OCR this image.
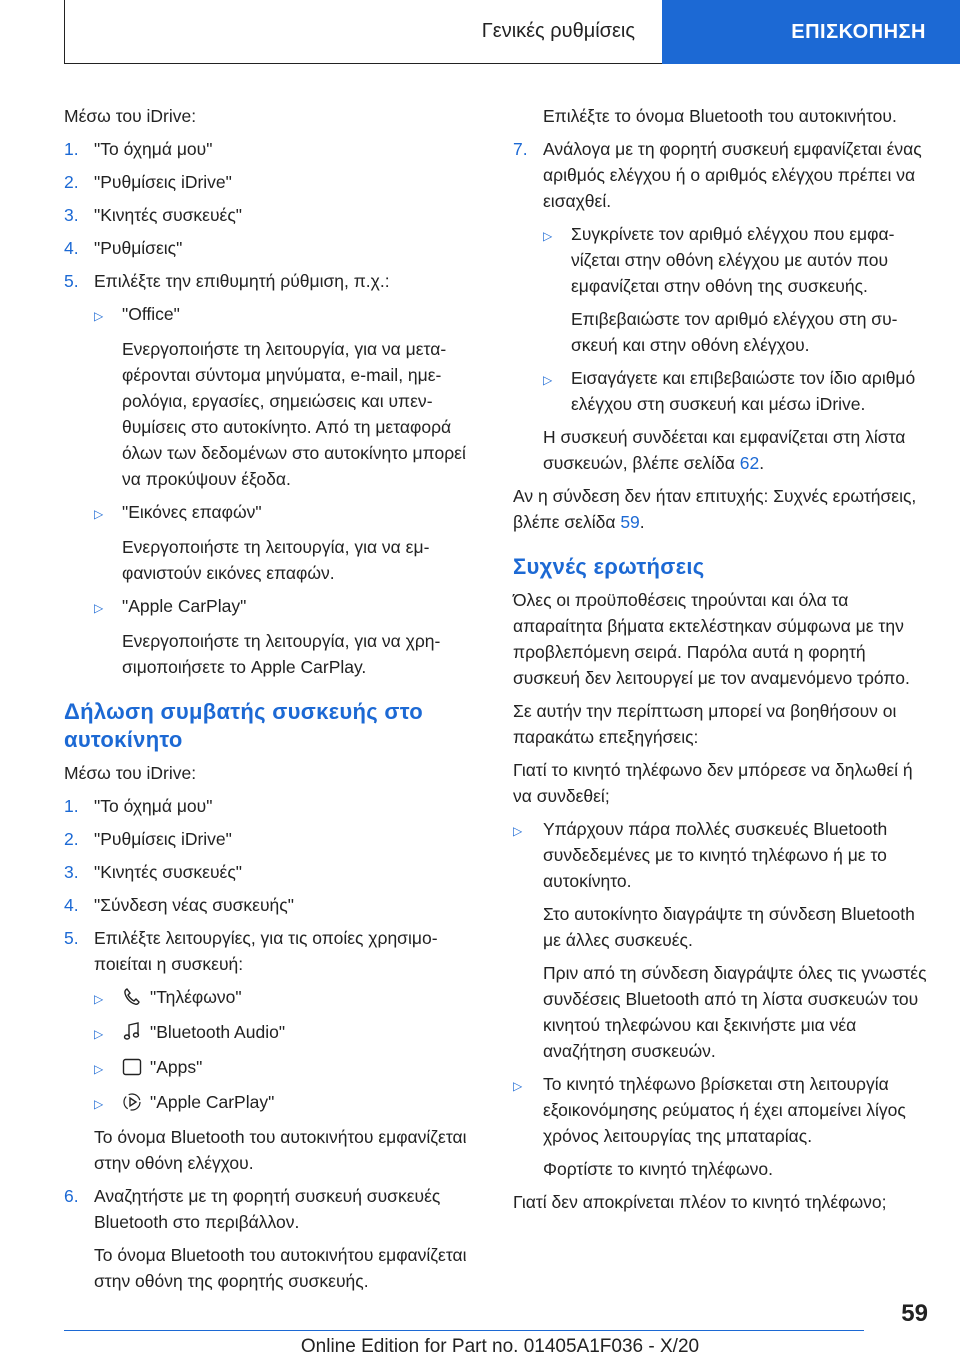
Γενικές ρυθμίσεις	ΕΠΙΣΚΟΠΗΣΗ

Μέσω του iDrive:

1. "Το όχημά μου"
2. "Ρυθμίσεις iDrive"
3. "Κινητές συσκευές"
4. "Ρυθμίσεις"
5. Επιλέξτε την επιθυμητή ρύθμιση, π.χ.:
▷	"Office"

Ενεργοποιήστε τη λειτουργία, για να μεταφέρονται σύντομα μηνύματα, e-mail, ημερολόγια, εργασίες, σημειώσεις και υπενθυμίσεις στο αυτοκίνητο. Από τη μεταφορά όλων των δεδομένων στο αυτοκίνητο μπορεί να προκύψουν έξοδα.

▷	"Εικόνες επαφών"

Ενεργοποιήστε τη λειτουργία, για να εμφανιστούν εικόνες επαφών.

▷	"Apple CarPlay"

Ενεργοποιήστε τη λειτουργία, για να χρησιμοποιήσετε το Apple CarPlay.

Δήλωση συμβατής συσκευής στο αυτοκίνητο

Μέσω του iDrive:

1. "Το όχημά μου"
2. "Ρυθμίσεις iDrive"
3. "Κινητές συσκευές"
4. "Σύνδεση νέας συσκευής"
5. Επιλέξτε λειτουργίες, για τις οποίες χρησιμοποιείται η συσκευή:
▷	"Τηλέφωνο"
▷	"Bluetooth Audio"
▷	"Apps"
▷	"Apple CarPlay"

Το όνομα Bluetooth του αυτοκινήτου εμφανίζεται στην οθόνη ελέγχου.

6. Αναζητήστε με τη φορητή συσκευή συσκευές Bluetooth στο περιβάλλον.

Το όνομα Bluetooth του αυτοκινήτου εμφανίζεται στην οθόνη της φορητής συσκευής.

Επιλέξτε το όνομα Bluetooth του αυτοκινήτου.

7. Ανάλογα με τη φορητή συσκευή εμφανίζεται ένας αριθμός ελέγχου ή ο αριθμός ελέγχου πρέπει να εισαχθεί.
▷	Συγκρίνετε τον αριθμό ελέγχου που εμφανίζεται στην οθόνη ελέγχου με αυτόν που εμφανίζεται στην οθόνη της συσκευής.

Επιβεβαιώστε τον αριθμό ελέγχου στη συσκευή και στην οθόνη ελέγχου.

▷	Εισαγάγετε και επιβεβαιώστε τον ίδιο αριθμό ελέγχου στη συσκευή και μέσω iDrive.

Η συσκευή συνδέεται και εμφανίζεται στη λίστα συσκευών, βλέπε σελίδα 62.

Αν η σύνδεση δεν ήταν επιτυχής: Συχνές ερωτήσεις, βλέπε σελίδα 59.

Συχνές ερωτήσεις

Όλες οι προϋποθέσεις τηρούνται και όλα τα απαραίτητα βήματα εκτελέστηκαν σύμφωνα με την προβλεπόμενη σειρά. Παρόλα αυτά η φορητή συσκευή δεν λειτουργεί με τον αναμενόμενο τρόπο.

Σε αυτήν την περίπτωση μπορεί να βοηθήσουν οι παρακάτω επεξηγήσεις:

Γιατί το κινητό τηλέφωνο δεν μπόρεσε να δηλωθεί ή να συνδεθεί;

▷	Υπάρχουν πάρα πολλές συσκευές Bluetooth συνδεδεμένες με το κινητό τηλέφωνο ή με το αυτοκίνητο.

Στο αυτοκίνητο διαγράψτε τη σύνδεση Bluetooth με άλλες συσκευές.

Πριν από τη σύνδεση διαγράψτε όλες τις γνωστές συνδέσεις Bluetooth από τη λίστα συσκευών του κινητού τηλεφώνου και ξεκινήστε μια νέα αναζήτηση συσκευών.

▷	Το κινητό τηλέφωνο βρίσκεται στη λειτουργία εξοικονόμησης ρεύματος ή έχει απομείνει λίγος χρόνος λειτουργίας της μπαταρίας.

Φορτίστε το κινητό τηλέφωνο.

Γιατί δεν αποκρίνεται πλέον το κινητό τηλέφωνο;

59
Online Edition for Part no. 01405A1F036 - X/20
